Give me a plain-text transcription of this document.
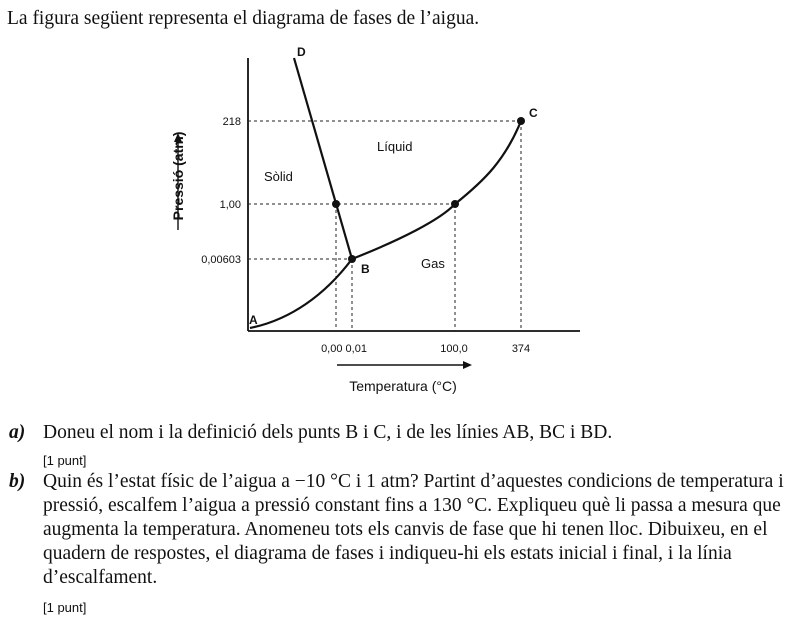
La figura següent representa el diagrama de fases de l’aigua.
A
B
C
D
Sòlid
Líquid
Gas
218
1,00
0,00603
0,00 0,01	100,0	374
Pressió (atm)
Temperatura (°C)
a) Doneu el nom i la definició dels punts B i C, i de les línies AB, BC i BD.
[1 punt]
b) Quin és l’estat físic de l’aigua a −10 °C i 1 atm? Partint d’aquestes condicions de temperatura i pressió, escalfem l’aigua a pressió constant fins a 130 °C. Expliqueu què li passa a mesura que augmenta la temperatura. Anomeneu tots els canvis de fase que hi tenen lloc. Dibuixeu, en el quadern de respostes, el diagrama de fases i indiqueu-hi els estats inicial i final, i la línia d’escalfament.
[1 punt]
